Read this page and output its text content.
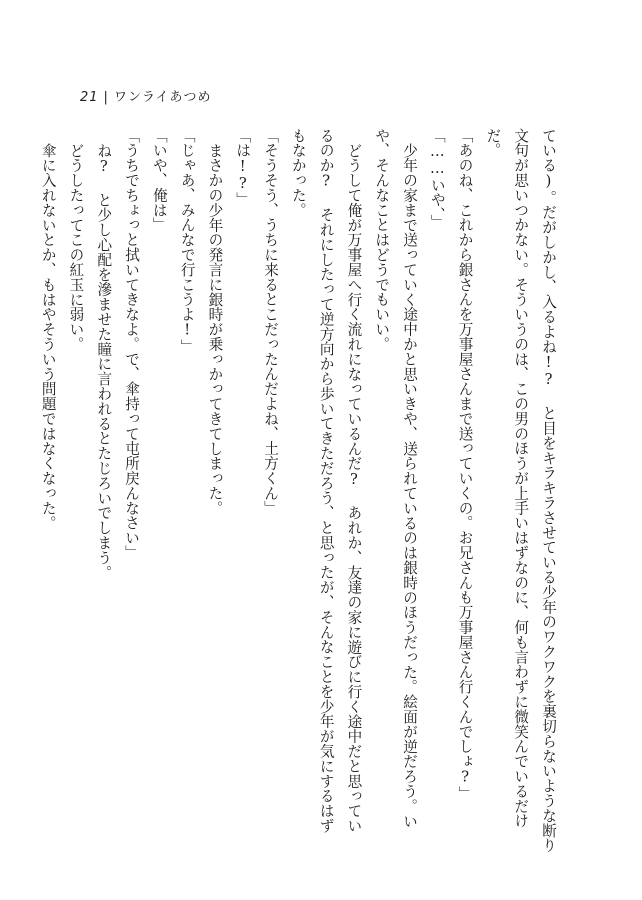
21 | ワンライあつめ
ている)。だがしかし、入るよね!? と目をキラキラさせている少年のワクワクを裏切らないような断り
文句が思いつかない。そういうのは、この男のほうが上手いはずなのに、何も言わずに微笑んでいるだけ
だ。
「あのね、これから銀さんを万事屋さんまで送っていくの。お兄さんも万事屋さん行くんでしょ?」
「……いや、」
少年の家まで送っていく途中かと思いきや、送られているのは銀時のほうだった。絵面が逆だろう。い
や、そんなことはどうでもいい。
どうして俺が万事屋へ行く流れになっているんだ? あれか、友達の家に遊びに行く途中だと思ってい
るのか? それにしたって逆方向から歩いてきただろう、と思ったが、そんなことを少年が気にするはず
もなかった。
「そうそう、うちに来るとこだったんだよね、土方くん」
「は!?」
まさかの少年の発言に銀時が乗っかってきてしまった。
「じゃあ、みんなで行こうよ!」
「いや、俺は」
「うちでちょっと拭いてきなよ。で、傘持って屯所戻んなさい」
ね? と少し心配を滲ませた瞳に言われるとたじろいでしまう。
どうしたってこの紅玉に弱い。
傘に入れないとか、もはやそういう問題ではなくなった。
